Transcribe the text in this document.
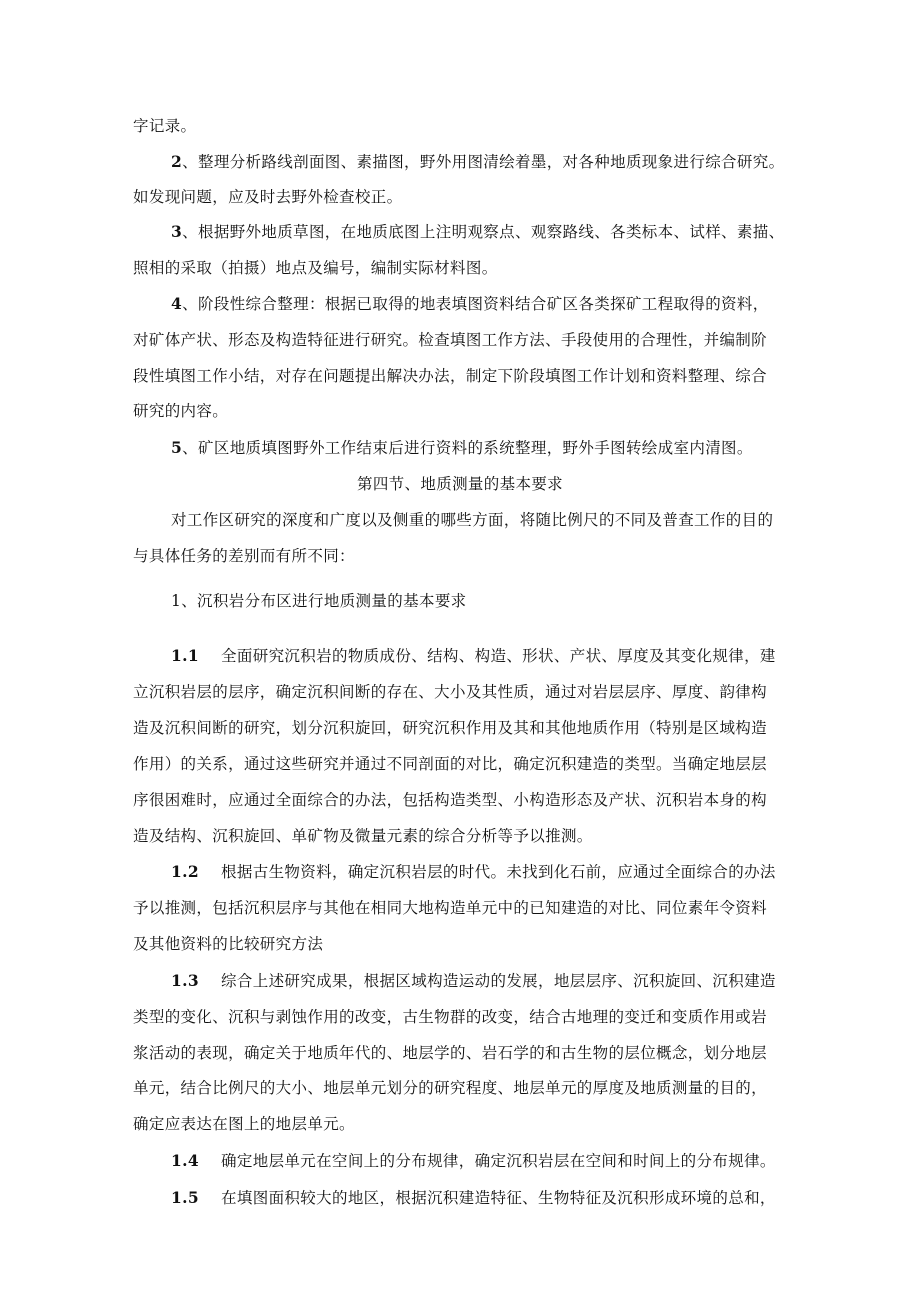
字记录。
2、整理分析路线剖面图、素描图，野外用图清绘着墨，对各种地质现象进行综合研究。
如发现问题，应及时去野外检查校正。
3、根据野外地质草图，在地质底图上注明观察点、观察路线、各类标本、试样、素描、
照相的采取（拍摄）地点及编号，编制实际材料图。
4、阶段性综合整理：根据已取得的地表填图资料结合矿区各类探矿工程取得的资料，
对矿体产状、形态及构造特征进行研究。检查填图工作方法、手段使用的合理性，并编制阶
段性填图工作小结，对存在问题提出解决办法，制定下阶段填图工作计划和资料整理、综合
研究的内容。
5、矿区地质填图野外工作结束后进行资料的系统整理，野外手图转绘成室内清图。
第四节、地质测量的基本要求
对工作区研究的深度和广度以及侧重的哪些方面，将随比例尺的不同及普查工作的目的
与具体任务的差别而有所不同：
1、沉积岩分布区进行地质测量的基本要求
1.1 全面研究沉积岩的物质成份、结构、构造、形状、产状、厚度及其变化规律，建
立沉积岩层的层序，确定沉积间断的存在、大小及其性质，通过对岩层层序、厚度、韵律构
造及沉积间断的研究，划分沉积旋回，研究沉积作用及其和其他地质作用（特别是区域构造
作用）的关系，通过这些研究并通过不同剖面的对比，确定沉积建造的类型。当确定地层层
序很困难时，应通过全面综合的办法，包括构造类型、小构造形态及产状、沉积岩本身的构
造及结构、沉积旋回、单矿物及微量元素的综合分析等予以推测。
1.2 根据古生物资料，确定沉积岩层的时代。未找到化石前，应通过全面综合的办法
予以推测，包括沉积层序与其他在相同大地构造单元中的已知建造的对比、同位素年令资料
及其他资料的比较研究方法
1.3 综合上述研究成果，根据区域构造运动的发展，地层层序、沉积旋回、沉积建造
类型的变化、沉积与剥蚀作用的改变，古生物群的改变，结合古地理的变迁和变质作用或岩
浆活动的表现，确定关于地质年代的、地层学的、岩石学的和古生物的层位概念，划分地层
单元，结合比例尺的大小、地层单元划分的研究程度、地层单元的厚度及地质测量的目的，
确定应表达在图上的地层单元。
1.4 确定地层单元在空间上的分布规律，确定沉积岩层在空间和时间上的分布规律。
1.5 在填图面积较大的地区，根据沉积建造特征、生物特征及沉积形成环境的总和，
